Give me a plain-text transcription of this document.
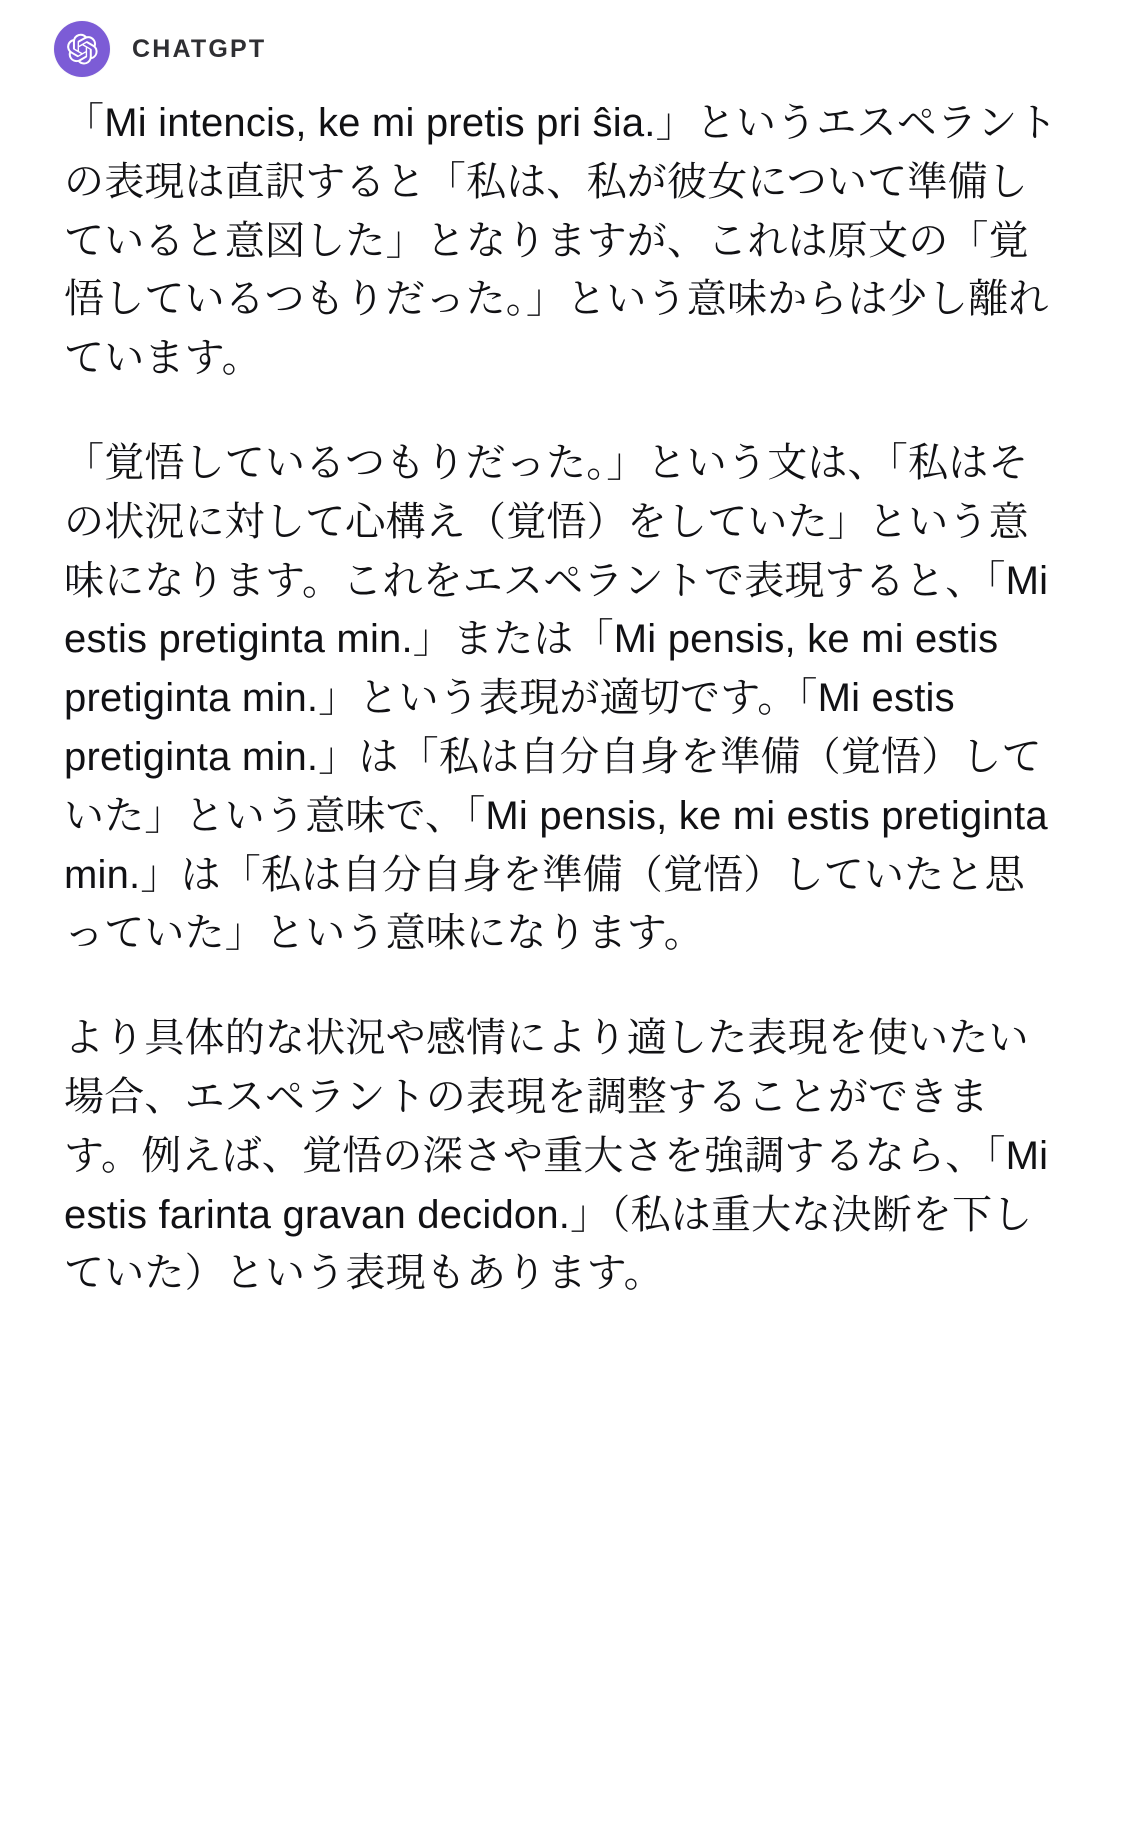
CHATGPT

「Mi intencis, ke mi pretis pri ŝia.」というエスペラントの表現は直訳すると「私は、私が彼女について準備していると意図した」となりますが、これは原文の「覚悟しているつもりだった。」という意味からは少し離れています。

「覚悟しているつもりだった。」という文は、「私はその状況に対して心構え（覚悟）をしていた」という意味になります。これをエスペラントで表現すると、「Mi estis pretiginta min.」または「Mi pensis, ke mi estis pretiginta min.」という表現が適切です。「Mi estis pretiginta min.」は「私は自分自身を準備（覚悟）していた」という意味で、「Mi pensis, ke mi estis pretiginta min.」は「私は自分自身を準備（覚悟）していたと思っていた」という意味になります。

より具体的な状況や感情により適した表現を使いたい場合、エスペラントの表現を調整することができます。例えば、覚悟の深さや重大さを強調するなら、「Mi estis farinta gravan decidon.」（私は重大な決断を下していた）という表現もあります。
